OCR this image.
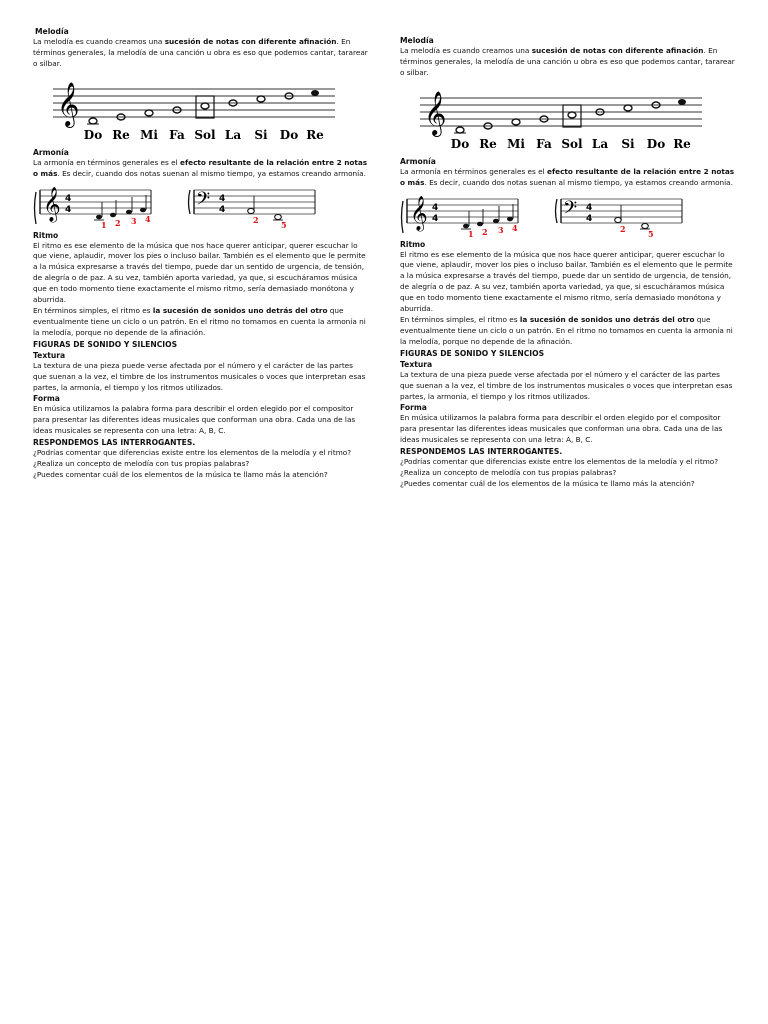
Melodía

La melodía es cuando creamos una sucesión de notas con diferente afinación. En términos generales, la melodía de una canción u obra es eso que podemos cantar, tararear o silbar.

𝄞
Do Re Mi Fa Sol La Si Do Re
Armonía

La armonía en términos generales es el efecto resultante de la relación entre 2 notas o más. Es decir, cuando dos notas suenan al mismo tiempo, ya estamos creando armonía.

𝄞 4
4
1 2 3 4
𝄢 4
4
2	5
Ritmo

El ritmo es ese elemento de la música que nos hace querer anticipar, querer escuchar lo que viene, aplaudir, mover los pies o incluso bailar. También es el elemento que le permite a la música expresarse a través del tiempo, puede dar un sentido de urgencia, de tensión, de alegría o de paz. A su vez, también aporta variedad, ya que, si escucháramos música que en todo momento tiene exactamente el mismo ritmo, sería demasiado monótona y aburrida.

En términos simples, el ritmo es la sucesión de sonidos uno detrás del otro que eventualmente tiene un ciclo o un patrón. En el ritmo no tomamos en cuenta la armonía ni la melodía, porque no depende de la afinación.

FIGURAS DE SONIDO Y SILENCIOS
Textura

La textura de una pieza puede verse afectada por el número y el carácter de las partes que suenan a la vez, el timbre de los instrumentos musicales o voces que interpretan esas partes, la armonía, el tiempo y los ritmos utilizados.

Forma

En música utilizamos la palabra forma para describir el orden elegido por el compositor para presentar las diferentes ideas musicales que conforman una obra. Cada una de las ideas musicales se representa con una letra: A, B, C.

RESPONDEMOS LAS INTERROGANTES.

¿Podrías comentar que diferencias existe entre los elementos de la melodía y el ritmo?

¿Realiza un concepto de melodía con tus propias palabras?

¿Puedes comentar cuál de los elementos de la música te llamo más la atención?

Melodía

La melodía es cuando creamos una sucesión de notas con diferente afinación. En términos generales, la melodía de una canción u obra es eso que podemos cantar, tararear o silbar.

𝄞
Do Re Mi Fa Sol La Si Do Re
Armonía

La armonía en términos generales es el efecto resultante de la relación entre 2 notas o más. Es decir, cuando dos notas suenan al mismo tiempo, ya estamos creando armonía.

𝄞 4
4
1 2 3 4
𝄢 4
4
2	5
Ritmo

El ritmo es ese elemento de la música que nos hace querer anticipar, querer escuchar lo que viene, aplaudir, mover los pies o incluso bailar. También es el elemento que le permite a la música expresarse a través del tiempo, puede dar un sentido de urgencia, de tensión, de alegría o de paz. A su vez, también aporta variedad, ya que, si escucháramos música que en todo momento tiene exactamente el mismo ritmo, sería demasiado monótona y aburrida.

En términos simples, el ritmo es la sucesión de sonidos uno detrás del otro que eventualmente tiene un ciclo o un patrón. En el ritmo no tomamos en cuenta la armonía ni la melodía, porque no depende de la afinación.

FIGURAS DE SONIDO Y SILENCIOS
Textura

La textura de una pieza puede verse afectada por el número y el carácter de las partes que suenan a la vez, el timbre de los instrumentos musicales o voces que interpretan esas partes, la armonía, el tiempo y los ritmos utilizados.

Forma

En música utilizamos la palabra forma para describir el orden elegido por el compositor para presentar las diferentes ideas musicales que conforman una obra. Cada una de las ideas musicales se representa con una letra: A, B, C.

RESPONDEMOS LAS INTERROGANTES.

¿Podrías comentar que diferencias existe entre los elementos de la melodía y el ritmo?

¿Realiza un concepto de melodía con tus propias palabras?

¿Puedes comentar cuál de los elementos de la música te llamo más la atención?
